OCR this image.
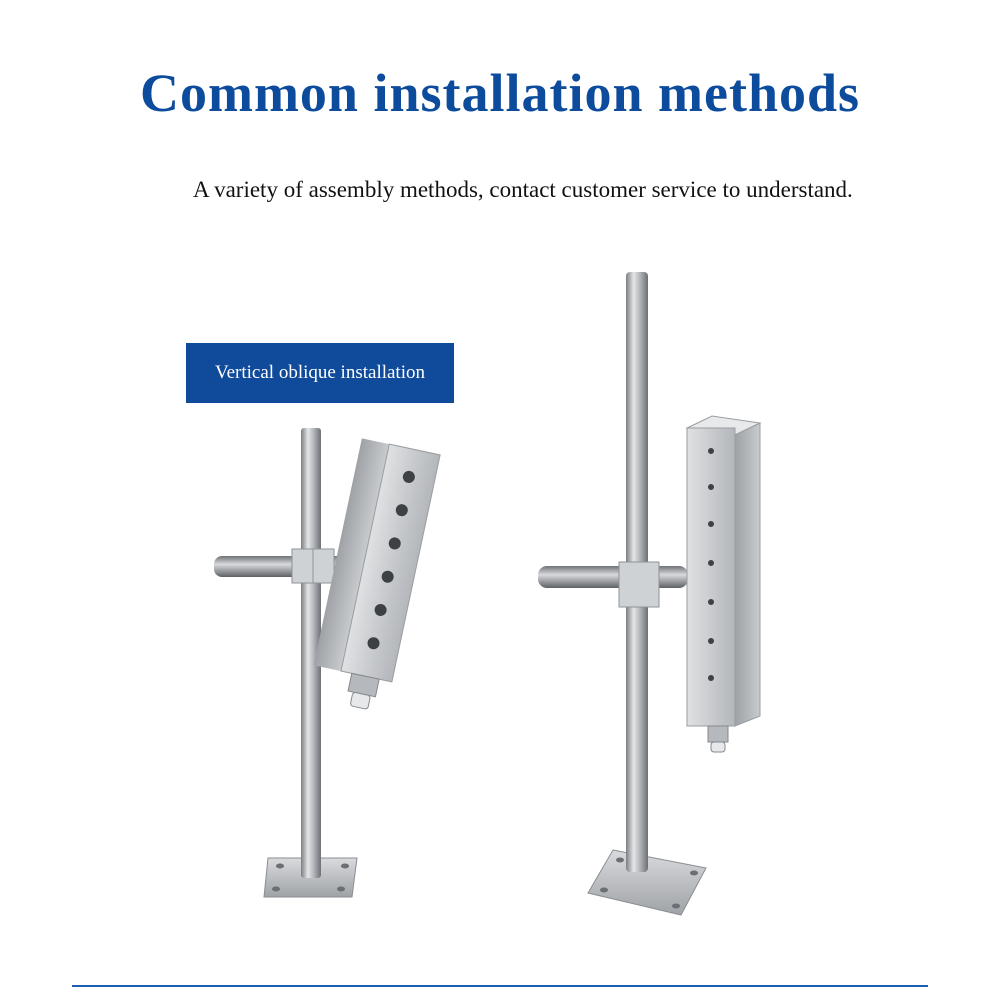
Common installation methods

A variety of assembly methods, contact customer service to understand.

Vertical oblique installation
